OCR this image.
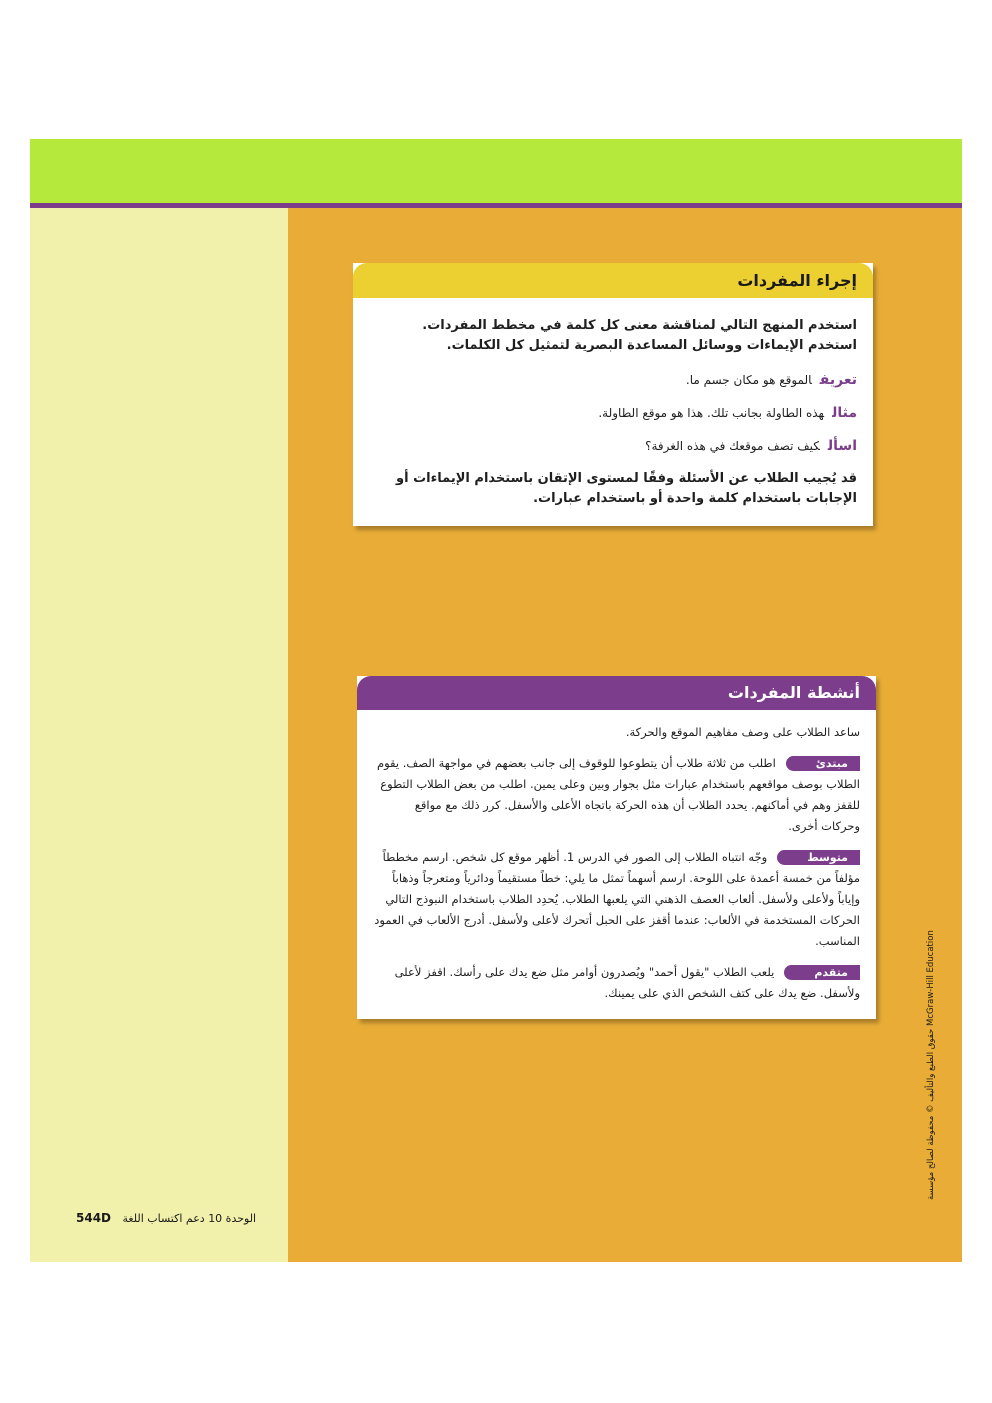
إجراء المفردات

استخدم المنهج التالي لمناقشة معنى كل كلمة في مخطط المفردات. استخدم الإيماءات ووسائل المساعدة البصرية لتمثيل كل الكلمات.

تعريفالموقع هو مكان جسم ما.

مثالهذه الطاولة بجانب تلك. هذا هو موقع الطاولة.

اسألكيف تصف موقعك في هذه الغرفة؟

قد يُجيب الطلاب عن الأسئلة وفقًا لمستوى الإتقان باستخدام الإيماءات أو الإجابات باستخدام كلمة واحدة أو باستخدام عبارات.

أنشطة المفردات

ساعد الطلاب على وصف مفاهيم الموقع والحركة.

مبتدئ
اطلب من ثلاثة طلاب أن يتطوعوا للوقوف إلى جانب بعضهم في مواجهة الصف. يقوم الطلاب بوصف مواقعهم باستخدام عبارات مثل بجوار وبين وعلى يمين. اطلب من بعض الطلاب التطوع للقفز وهم في أماكنهم. يحدد الطلاب أن هذه الحركة باتجاه الأعلى والأسفل. كرر ذلك مع مواقع وحركات أخرى.
متوسط
وجّه انتباه الطلاب إلى الصور في الدرس 1. أظهر موقع كل شخص. ارسم مخططاً مؤلفاً من خمسة أعمدة على اللوحة. ارسم أسهماً تمثل ما يلي: خطاً مستقيماً ودائرياً ومتعرجاً وذهاباً وإياباً ولأعلى ولأسفل. ألعاب العصف الذهني التي يلعبها الطلاب. يُحدِد الطلاب باستخدام النبوذج التالي الحركات المستخدمة في الألعاب: عندما أقفز على الحبل أتحرك لأعلى ولأسفل. أدرج الألعاب في العمود المناسب.
متقدم
يلعب الطلاب "يقول أحمد" ويُصدرون أوامر مثل ضع يدك على رأسك. اقفز لأعلى ولأسفل. ضع يدك على كتف الشخص الذي على يمينك.
544D الوحدة 10 دعم اكتساب اللغة
حقوق الطبع والتأليف © محفوظة لصالح مؤسسة McGraw-Hill Education
